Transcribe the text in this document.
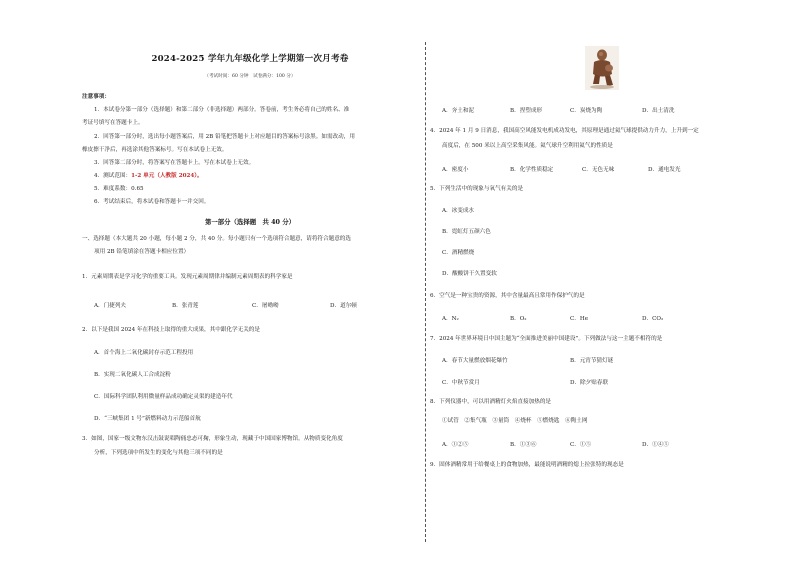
2024-2025 学年九年级化学上学期第一次月考卷
（考试时间：60 分钟　试卷满分：100 分）
注意事项：
1．本试卷分第一部分（选择题）和第二部分（非选择题）两部分。答卷前，考生务必将自己的姓名、准
考证号填写在答题卡上。
2．回答第一部分时，选出每小题答案后，用 2B 铅笔把答题卡上对应题目的答案标号涂黑。如需改动，用
橡皮擦干净后，再选涂其他答案标号。写在本试卷上无效。
3．回答第二部分时，将答案写在答题卡上。写在本试卷上无效。
4．测试范围：1-2 单元（人教版 2024）。
5．难度系数：0.65
6．考试结束后，将本试卷和答题卡一并交回。
第一部分（选择题　共 40 分）
一、选择题（本大题共 20 小题，每小题 2 分，共 40 分。每小题只有一个选项符合题意，请将符合题意的选
项用 2B 铅笔填涂在答题卡相应位置）
1．元素周期表是学习化学的重要工具。发现元素周期律并编制元素周期表的科学家是
A．门捷列夫	B．张青莲	C．屠呦呦	D．道尔顿
2．以下是我国 2024 年在科技上取得的重大成果，其中跟化学无关的是
A．首个海上二氧化碳封存示范工程投用
B．实现二氧化碳人工合成淀粉
C．国际科学团队利用微量样品成功确定灵渠的建造年代
D．“三峡集团 1 号”新燃料动力示范船首航
3．如图，国家一级文物东汉击鼓说唱陶俑忠态可掬，形象生动，现藏于中国国家博物馆。从物质变化角度
分析，下列选项中所发生的变化与其他三项不同的是
A．夯土和泥	B．捏塑成形	C．炭烧为陶	D．出土清洗
4．2024 年 1 月 9 日消息，我国高空风能发电机成功发电，其原理是通过氦气球提供动力升力，上升到一定
高度后，在 500 米以上高空采集风能。氦气球升空利用氦气的性质是
A．密度小	B．化学性质稳定	C．无色无味	D．通电发光
5．下列生活中的现象与氧气有关的是
A．冰变成水
B．霓虹灯五颜六色
C．酒精燃烧
D．酸酸饼干久置变软
6．空气是一种宝贵的资源，其中含量最高且常用作保护气的是
A．N₂	B．O₂	C．He	D．CO₂
7．2024 年世界环境日中国主题为“全面推进美丽中国建设”。下列做法与这一主题不相符的是
A．春节大量燃放烟花爆竹	B．元宵节猜灯谜
C．中秋节赏月	D．除夕贴春联
8．下列仪器中，可以用酒精灯火焰直接加热的是
①试管　②集气瓶　③量筒　④烧杯　⑤燃烧匙　⑥陶土网
A．①②⑤	B．①③⑥	C．①⑤	D．①④⑤
9．固体酒精常用于给餐桌上的食物加热，最能说明酒精的熄上拉张特的现态是
